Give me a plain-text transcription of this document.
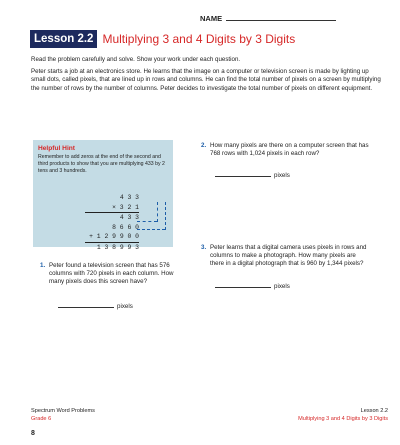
NAME
Lesson 2.2 Multiplying 3 and 4 Digits by 3 Digits

Read the problem carefully and solve. Show your work under each question.

Peter starts a job at an electronics store. He learns that the image on a computer or television screen is made by lighting up small dots, called pixels, that are lined up in rows and columns. He can find the total number of pixels on a screen by multiplying the number of rows by the number of columns. Peter decides to investigate the total number of pixels on different equipment.

Helpful Hint
Remember to add zeros at the end of the second and third products to show that you are multiplying 433 by 2 tens and 3 hundreds.
4 3 3
× 3 2 1
4 3 3
8 6 6 0
+ 1 2 9 9 0 0
1 3 8 9 9 3
2. How many pixels are there on a computer screen that has 768 rows with 1,024 pixels in each row?
pixels
1. Peter found a television screen that has 576 columns with 720 pixels in each column. How many pixels does this screen have?
pixels
3. Peter learns that a digital camera uses pixels in rows and columns to make a photograph. How many pixels are there in a digital photograph that is 960 by 1,344 pixels?
pixels
Spectrum Word Problems
Grade 6
Lesson 2.2
Multiplying 3 and 4 Digits by 3 Digits
8
